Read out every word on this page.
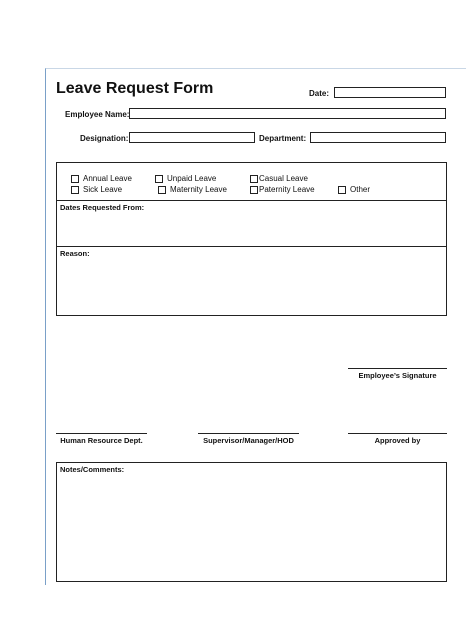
Leave Request Form	Date:
Employee Name:
Designation:	Department:
Annual Leave	Unpaid Leave	Casual Leave
Sick Leave	Maternity Leave	Paternity Leave	Other
Dates Requested From:
Reason:
Employee’s Signature
Human Resource Dept.	Supervisor/Manager/HOD	Approved by
Notes/Comments:
